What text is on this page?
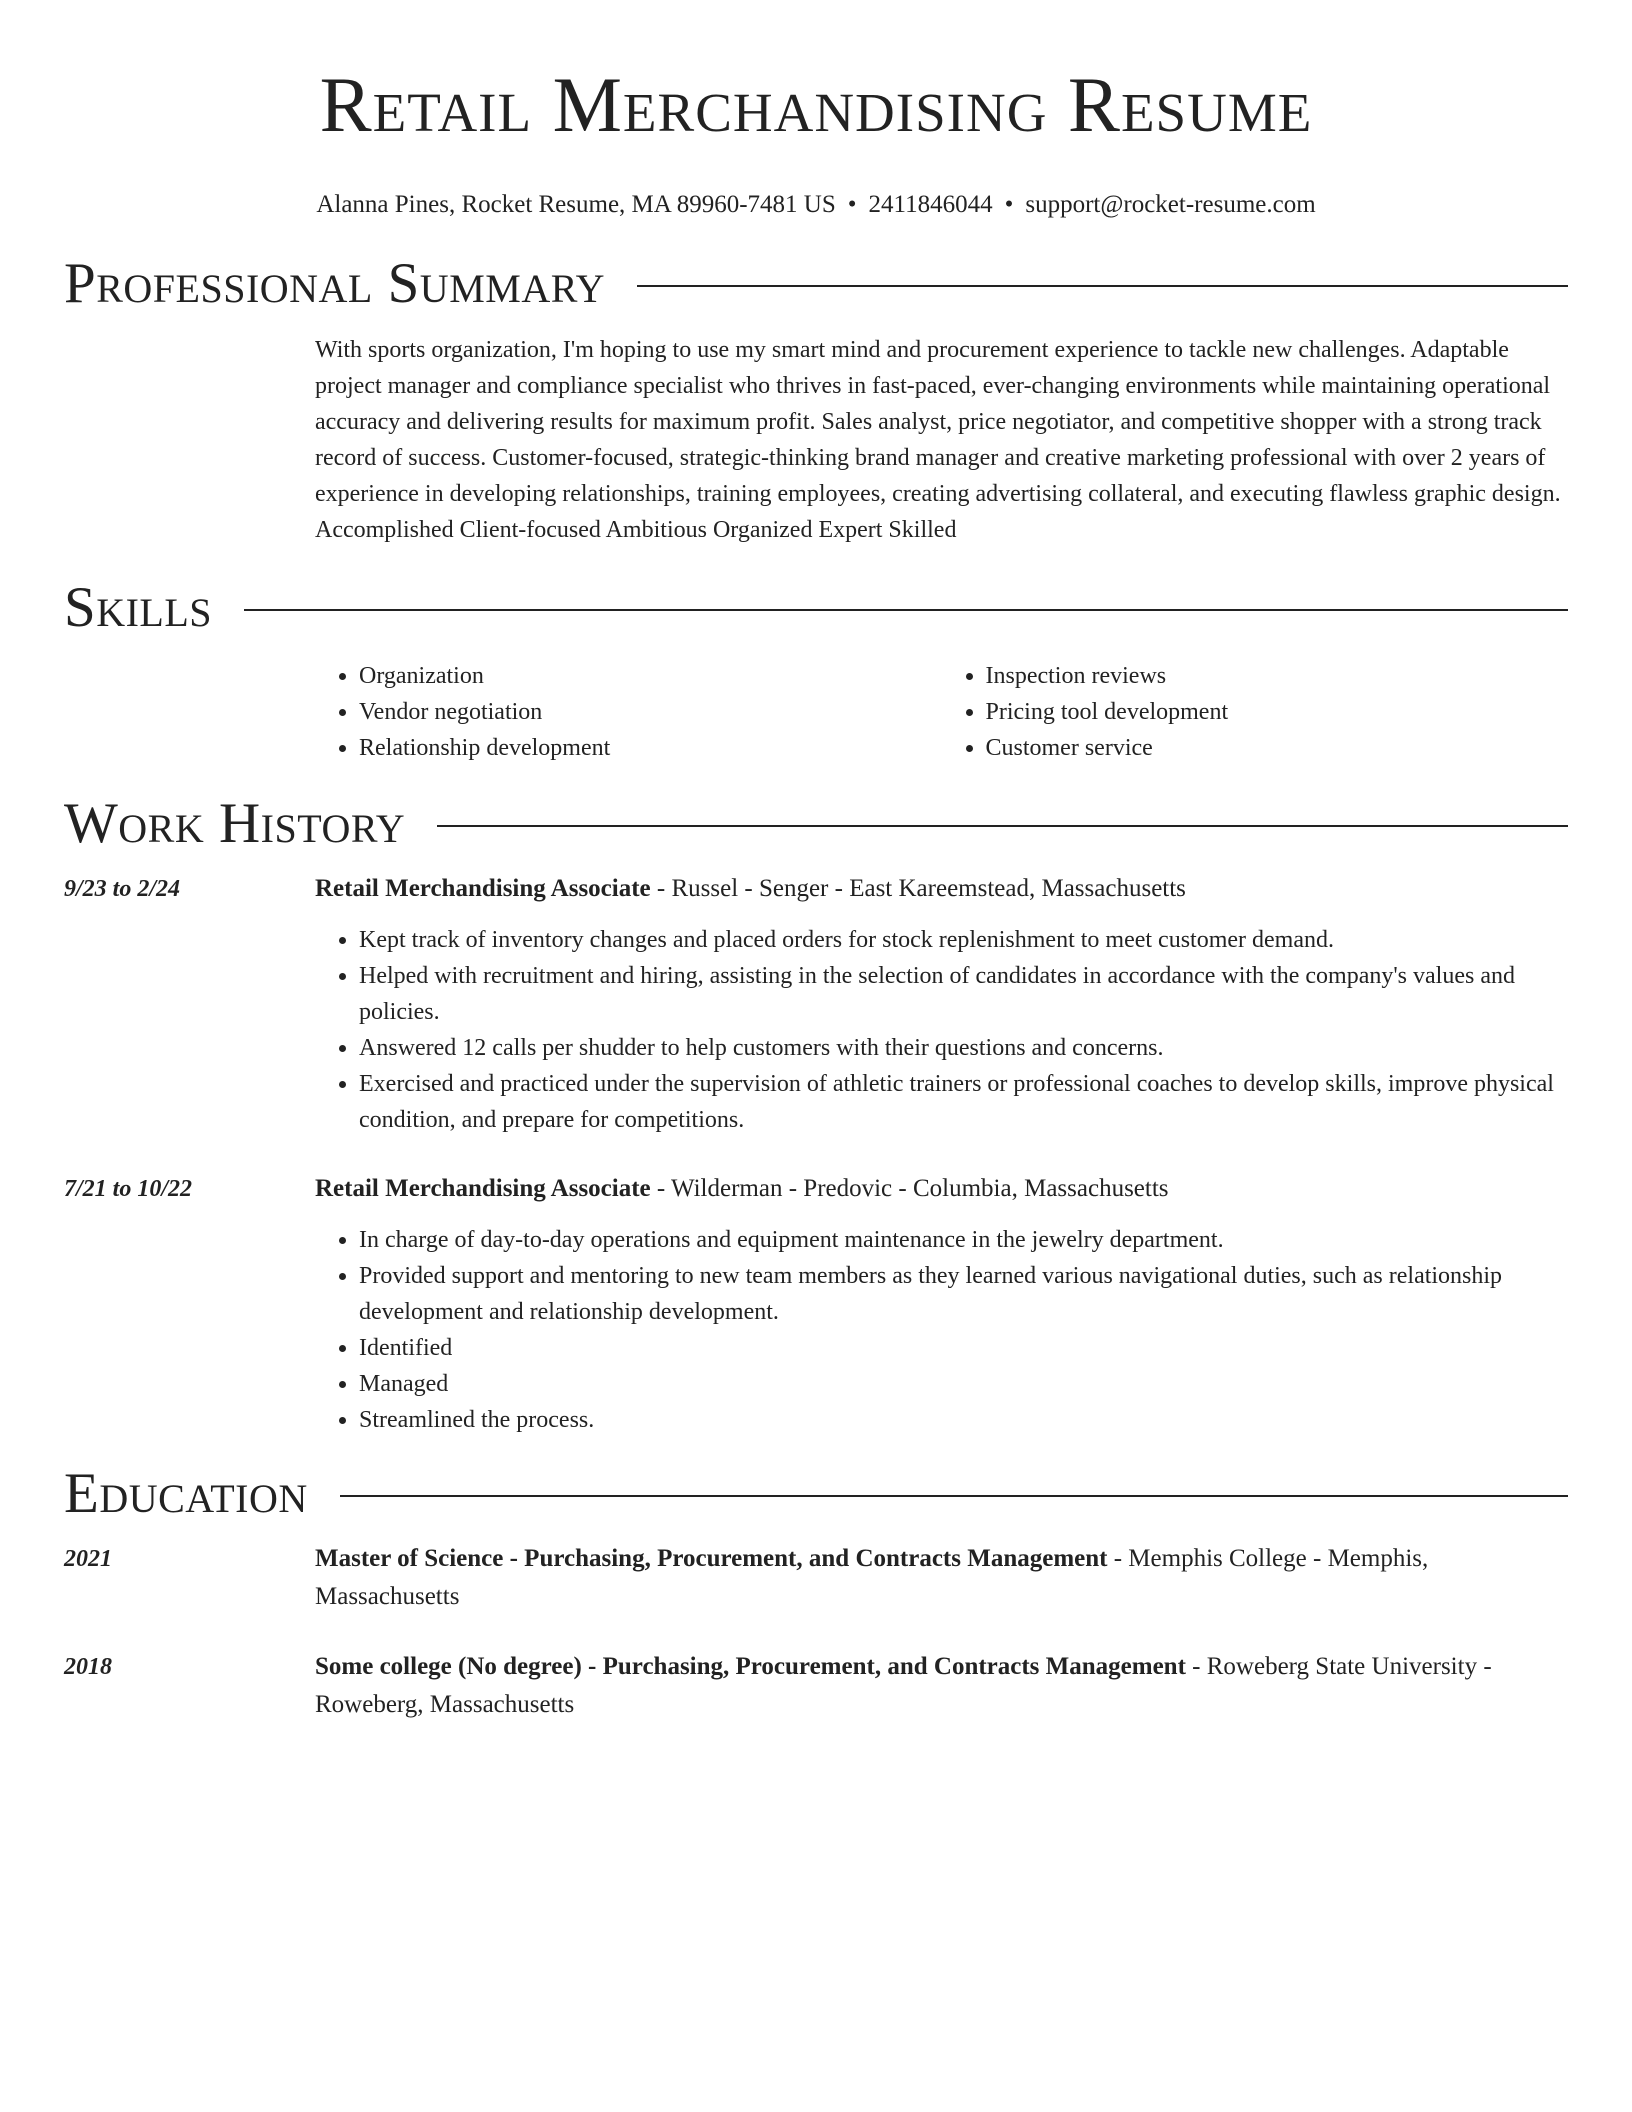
Retail Merchandising Resume
Alanna Pines, Rocket Resume, MA 89960-7481 US • 2411846044 • support@rocket-resume.com
Professional Summary
With sports organization, I'm hoping to use my smart mind and procurement experience to tackle new challenges. Adaptable project manager and compliance specialist who thrives in fast-paced, ever-changing environments while maintaining operational accuracy and delivering results for maximum profit. Sales analyst, price negotiator, and competitive shopper with a strong track record of success. Customer-focused, strategic-thinking brand manager and creative marketing professional with over 2 years of experience in developing relationships, training employees, creating advertising collateral, and executing flawless graphic design. Accomplished Client-focused Ambitious Organized Expert Skilled
Skills
• Organization
• Vendor negotiation
• Relationship development
• Inspection reviews
• Pricing tool development
• Customer service
Work History
9/23 to 2/24	Retail Merchandising Associate - Russel - Senger - East Kareemstead, Massachusetts
• Kept track of inventory changes and placed orders for stock replenishment to meet customer demand.
• Helped with recruitment and hiring, assisting in the selection of candidates in accordance with the company's values and policies.
• Answered 12 calls per shudder to help customers with their questions and concerns.
• Exercised and practiced under the supervision of athletic trainers or professional coaches to develop skills, improve physical condition, and prepare for competitions.
7/21 to 10/22	Retail Merchandising Associate - Wilderman - Predovic - Columbia, Massachusetts
• In charge of day-to-day operations and equipment maintenance in the jewelry department.
• Provided support and mentoring to new team members as they learned various navigational duties, such as relationship development and relationship development.
• Identified
• Managed
• Streamlined the process.
Education
2021	Master of Science - Purchasing, Procurement, and Contracts Management - Memphis College - Memphis, Massachusetts
2018	Some college (No degree) - Purchasing, Procurement, and Contracts Management - Roweberg State University - Roweberg, Massachusetts
